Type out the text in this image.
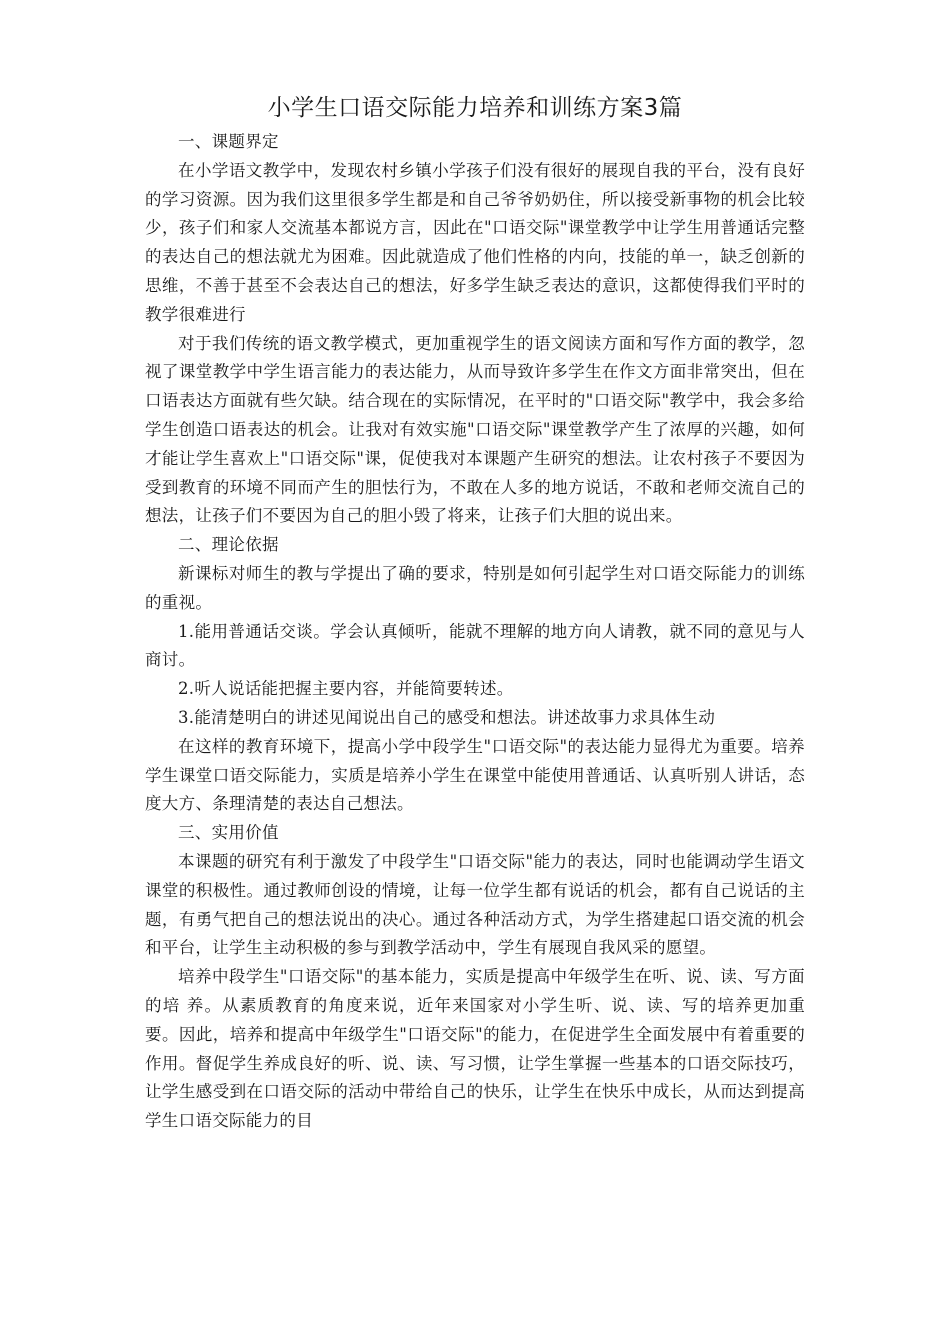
小学生口语交际能力培养和训练方案3篇

一、课题界定

在小学语文教学中，发现农村乡镇小学孩子们没有很好的展现自我的平台，没有良好的学习资源。因为我们这里很多学生都是和自己爷爷奶奶住，所以接受新事物的机会比较少，孩子们和家人交流基本都说方言，因此在"口语交际"课堂教学中让学生用普通话完整的表达自己的想法就尤为困难。因此就造成了他们性格的内向，技能的单一，缺乏创新的思维，不善于甚至不会表达自己的想法，好多学生缺乏表达的意识，这都使得我们平时的教学很难进行

对于我们传统的语文教学模式，更加重视学生的语文阅读方面和写作方面的教学，忽视了课堂教学中学生语言能力的表达能力，从而导致许多学生在作文方面非常突出，但在口语表达方面就有些欠缺。结合现在的实际情况，在平时的"口语交际"教学中，我会多给学生创造口语表达的机会。让我对有效实施"口语交际"课堂教学产生了浓厚的兴趣，如何才能让学生喜欢上"口语交际"课，促使我对本课题产生研究的想法。让农村孩子不要因为受到教育的环境不同而产生的胆怯行为，不敢在人多的地方说话，不敢和老师交流自己的想法，让孩子们不要因为自己的胆小毁了将来，让孩子们大胆的说出来。

二、理论依据

新课标对师生的教与学提出了确的要求，特别是如何引起学生对口语交际能力的训练的重视。

1.能用普通话交谈。学会认真倾听，能就不理解的地方向人请教，就不同的意见与人商讨。

2.听人说话能把握主要内容，并能简要转述。

3.能清楚明白的讲述见闻说出自己的感受和想法。讲述故事力求具体生动

在这样的教育环境下，提高小学中段学生"口语交际"的表达能力显得尤为重要。培养学生课堂口语交际能力，实质是培养小学生在课堂中能使用普通话、认真听别人讲话，态度大方、条理清楚的表达自己想法。

三、实用价值

本课题的研究有利于激发了中段学生"口语交际"能力的表达，同时也能调动学生语文课堂的积极性。通过教师创设的情境，让每一位学生都有说话的机会，都有自己说话的主题，有勇气把自己的想法说出的决心。通过各种活动方式，为学生搭建起口语交流的机会和平台，让学生主动积极的参与到教学活动中，学生有展现自我风采的愿望。

培养中段学生"口语交际"的基本能力，实质是提高中年级学生在听、说、读、写方面的培 养。从素质教育的角度来说，近年来国家对小学生听、说、读、写的培养更加重要。因此，培养和提高中年级学生"口语交际"的能力，在促进学生全面发展中有着重要的作用。督促学生养成良好的听、说、读、写习惯，让学生掌握一些基本的口语交际技巧，让学生感受到在口语交际的活动中带给自己的快乐，让学生在快乐中成长，从而达到提高学生口语交际能力的目
